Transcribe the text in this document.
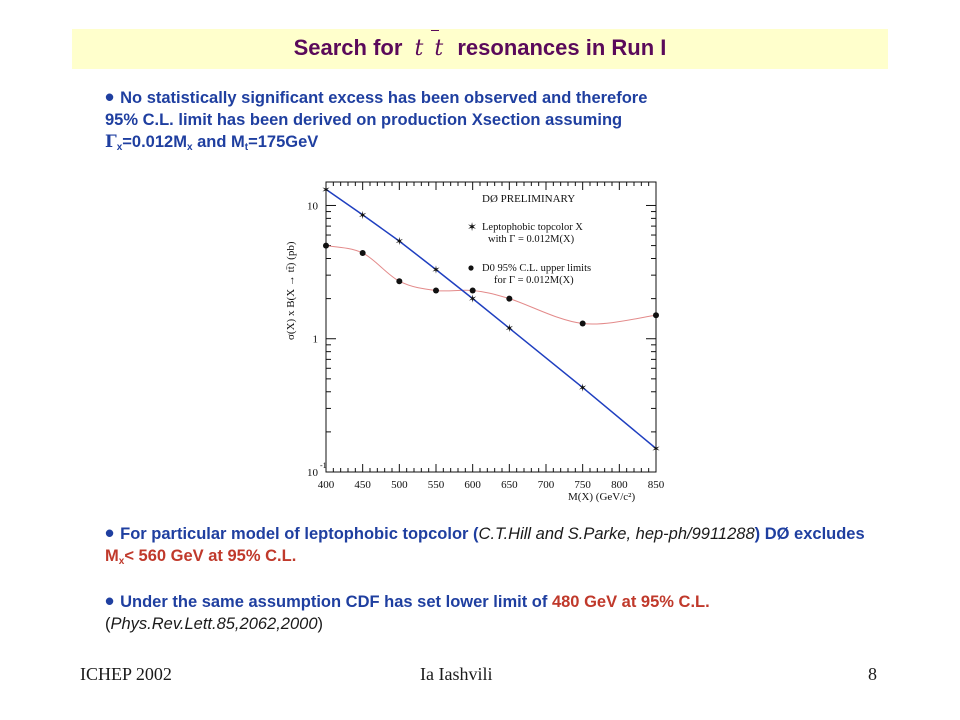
Search for t t resonances in Run I
• No statistically significant excess has been observed and therefore
95% C.L. limit has been derived on production Xsection assuming
$\Gamma_x=0.012M_x$ and $M_t=175GeV$
400 450 500 550 600 650 700 750 800 850
10
1
10
-1
✶
✶
✶
✶
✶
✶
✶
✶
DØ PRELIMINARY
✶ Leptophobic topcolor X
with Γ = 0.012M(X)
D0 95% C.L. upper limits
for Γ = 0.012M(X)
M(X) (GeV/c²)
σ(X) x B(X → tt̄) (pb)
• For particular model of leptophobic topcolor (C.T.Hill and S.Parke, hep-ph/9911288) DØ excludes $M_x< 560$ GeV at 95% C.L.
• Under the same assumption CDF has set lower limit of 480 GeV at 95% C.L. (Phys.Rev.Lett.85,2062,2000)
ICHEP 2002	Ia Iashvili	8
